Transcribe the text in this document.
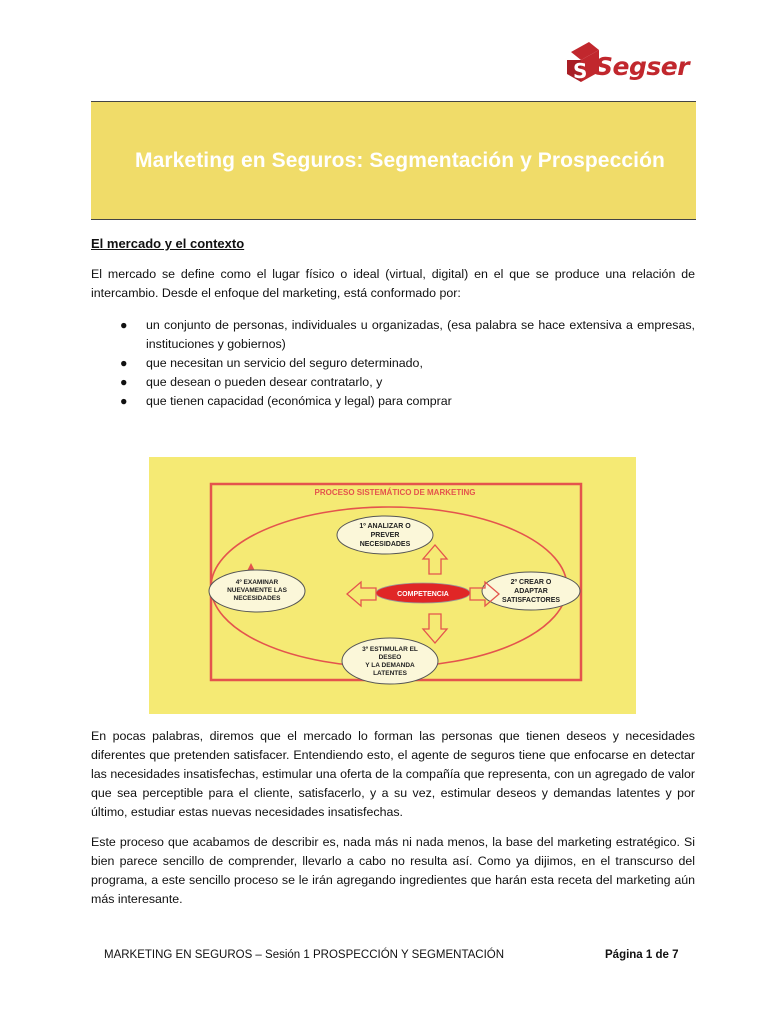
S Segser
Marketing en Seguros: Segmentación y Prospección
El mercado y el contexto

El mercado se define como el lugar físico o ideal (virtual, digital) en el que se produce una relación de intercambio. Desde el enfoque del marketing, está conformado por:

● un conjunto de personas, individuales u organizadas, (esa palabra se hace extensiva a empresas, instituciones y gobiernos)
● que necesitan un servicio del seguro determinado,
● que desean o pueden desear contratarlo, y
● que tienen capacidad (económica y legal) para comprar
PROCESO SISTEMÁTICO DE MARKETING
1º ANALIZAR O
PREVER
NECESIDADES
2º CREAR O
ADAPTAR
SATISFACTORES
3º ESTIMULAR EL
DESEO
Y LA DEMANDA
LATENTES
4º EXAMINAR
NUEVAMENTE LAS
NECESIDADES
COMPETENCIA

En pocas palabras, diremos que el mercado lo forman las personas que tienen deseos y necesidades diferentes que pretenden satisfacer. Entendiendo esto, el agente de seguros tiene que enfocarse en detectar las necesidades insatisfechas, estimular una oferta de la compañía que representa, con un agregado de valor que sea perceptible para el cliente, satisfacerlo, y a su vez, estimular deseos y demandas latentes y por último, estudiar estas nuevas necesidades insatisfechas.

Este proceso que acabamos de describir es, nada más ni nada menos, la base del marketing estratégico. Si bien parece sencillo de comprender, llevarlo a cabo no resulta así. Como ya dijimos, en el transcurso del programa, a este sencillo proceso se le irán agregando ingredientes que harán esta receta del marketing aún más interesante.

MARKETING EN SEGUROS – Sesión 1 PROSPECCIÓN Y SEGMENTACIÓN	Página 1 de 7
